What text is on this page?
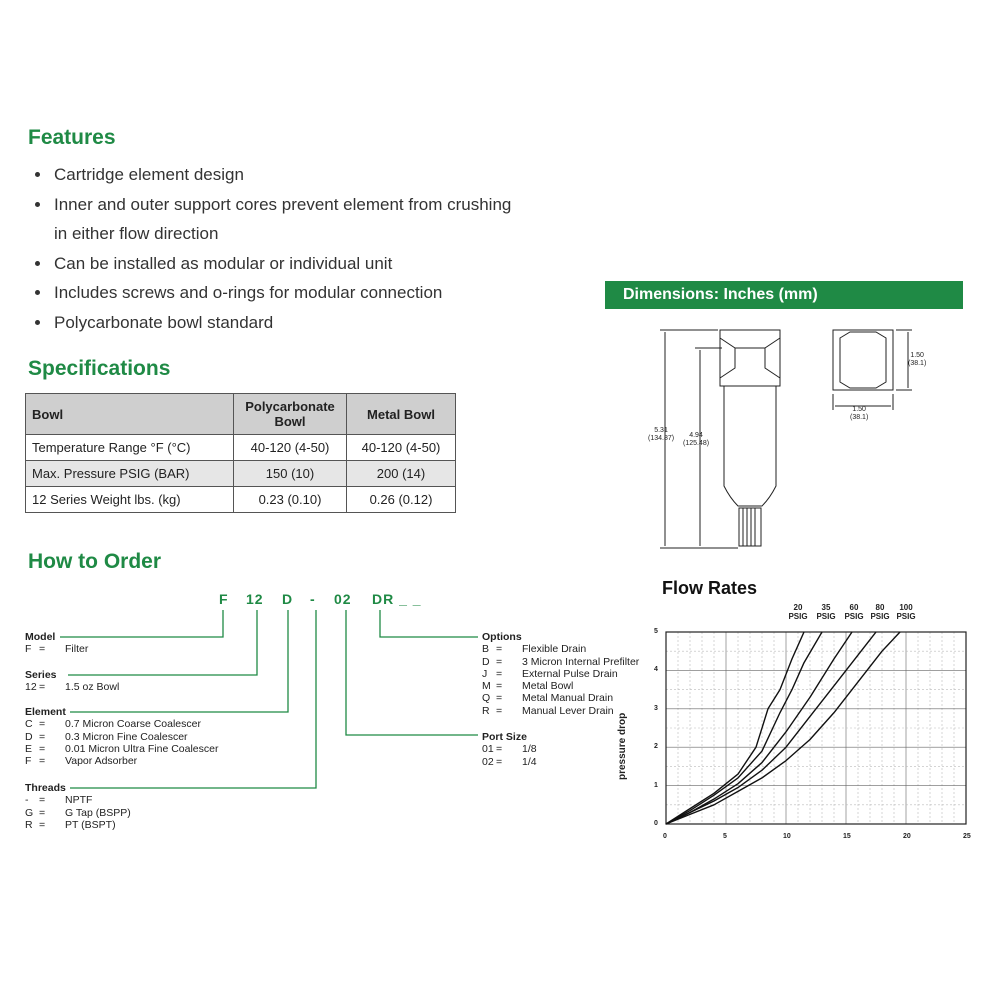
Features
• Cartridge element design
• Inner and outer support cores prevent element from crushing in either flow direction
• Can be installed as modular or individual unit
• Includes screws and o-rings for modular connection
• Polycarbonate bowl standard
Specifications
Bowl	Polycarbonate Bowl	Metal Bowl
Temperature Range °F (°C)	40-120 (4-50)	40-120 (4-50)
Max. Pressure PSIG (BAR)	150 (10)	200 (14)
12 Series Weight lbs. (kg)	0.23 (0.10)	0.26 (0.12)
How to Order
F 12 D - 02 DR _ _
Model
F =	Filter
Series
12 =	1.5 oz Bowl
Element
C =	0.7 Micron Coarse Coalescer
D =	0.3 Micron Fine Coalescer
E =	0.01 Micron Ultra Fine Coalescer
F =	Vapor Adsorber
Threads
-	=	NPTF
G =	G Tap (BSPP)
R =	PT (BSPT)
Options
B =	Flexible Drain
D =	3 Micron Internal Prefilter
J =	External Pulse Drain
M =	Metal Bowl
Q =	Metal Manual Drain
R =	Manual Lever Drain
Port Size
01 =	1/8
02 =	1/4
Dimensions: Inches (mm)
5.31
(134.87)	4.94
(125.48)
1.50
(38.1)
1.50
(38.1)
Flow Rates
20
PSIG
35
PSIG
60
PSIG
80
PSIG
100
PSIG
pressure drop
0	5	10	15	20	25
0
1
2
3
4
5
